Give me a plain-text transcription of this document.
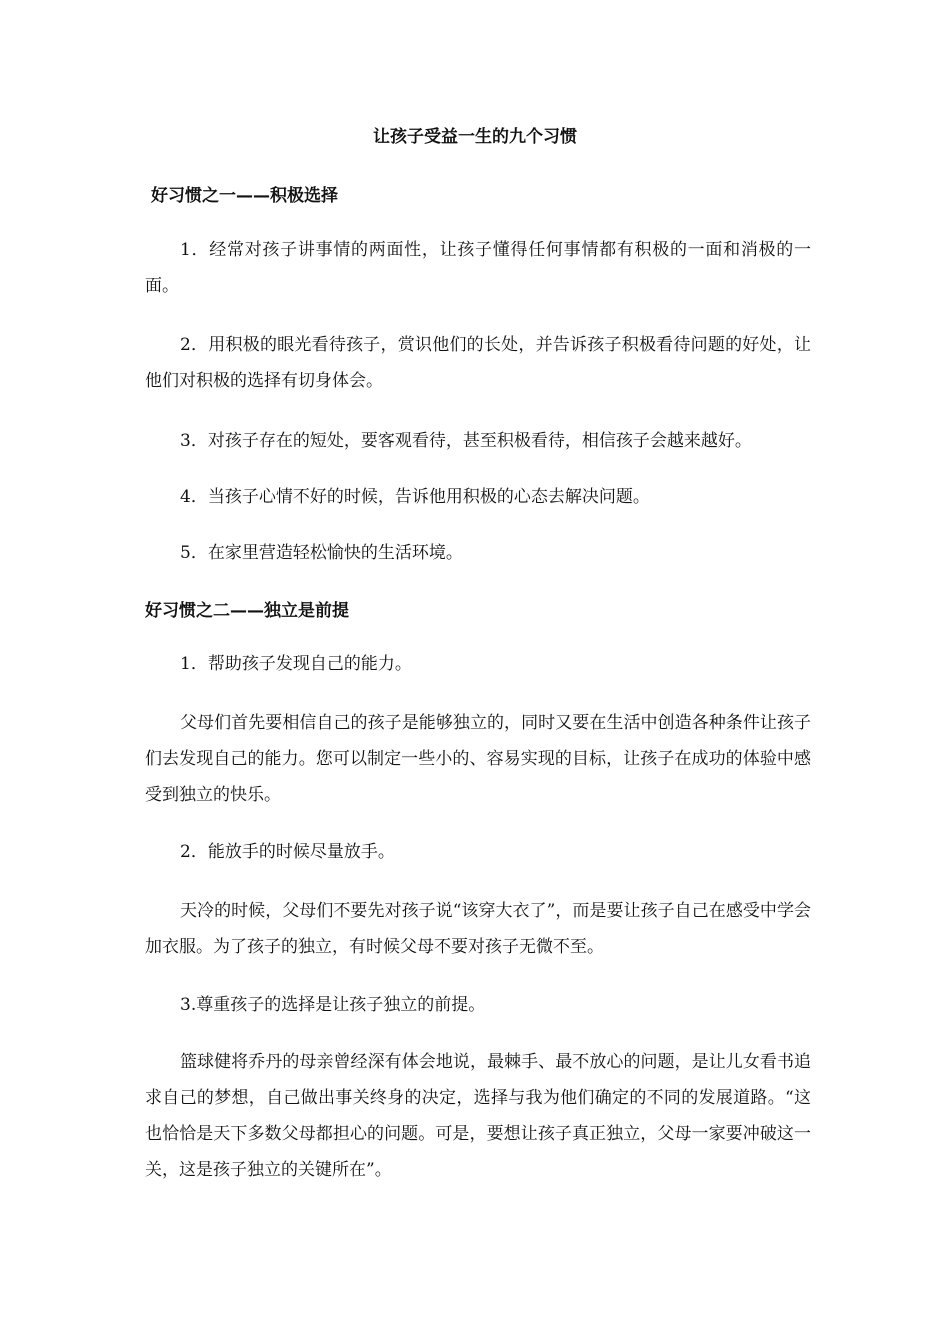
让孩子受益一生的九个习惯
好习惯之一——积极选择

1．经常对孩子讲事情的两面性，让孩子懂得任何事情都有积极的一面和消极的一面。

2．用积极的眼光看待孩子，赏识他们的长处，并告诉孩子积极看待问题的好处，让他们对积极的选择有切身体会。

3．对孩子存在的短处，要客观看待，甚至积极看待，相信孩子会越来越好。

4．当孩子心情不好的时候，告诉他用积极的心态去解决问题。

5．在家里营造轻松愉快的生活环境。

好习惯之二——独立是前提

1．帮助孩子发现自己的能力。

父母们首先要相信自己的孩子是能够独立的，同时又要在生活中创造各种条件让孩子们去发现自己的能力。您可以制定一些小的、容易实现的目标，让孩子在成功的体验中感受到独立的快乐。

2．能放手的时候尽量放手。

天冷的时候，父母们不要先对孩子说“该穿大衣了”，而是要让孩子自己在感受中学会加衣服。为了孩子的独立，有时候父母不要对孩子无微不至。

3.尊重孩子的选择是让孩子独立的前提。

篮球健将乔丹的母亲曾经深有体会地说，最棘手、最不放心的问题，是让儿女看书追求自己的梦想，自己做出事关终身的决定，选择与我为他们确定的不同的发展道路。“这也恰恰是天下多数父母都担心的问题。可是，要想让孩子真正独立，父母一家要冲破这一关，这是孩子独立的关键所在”。
